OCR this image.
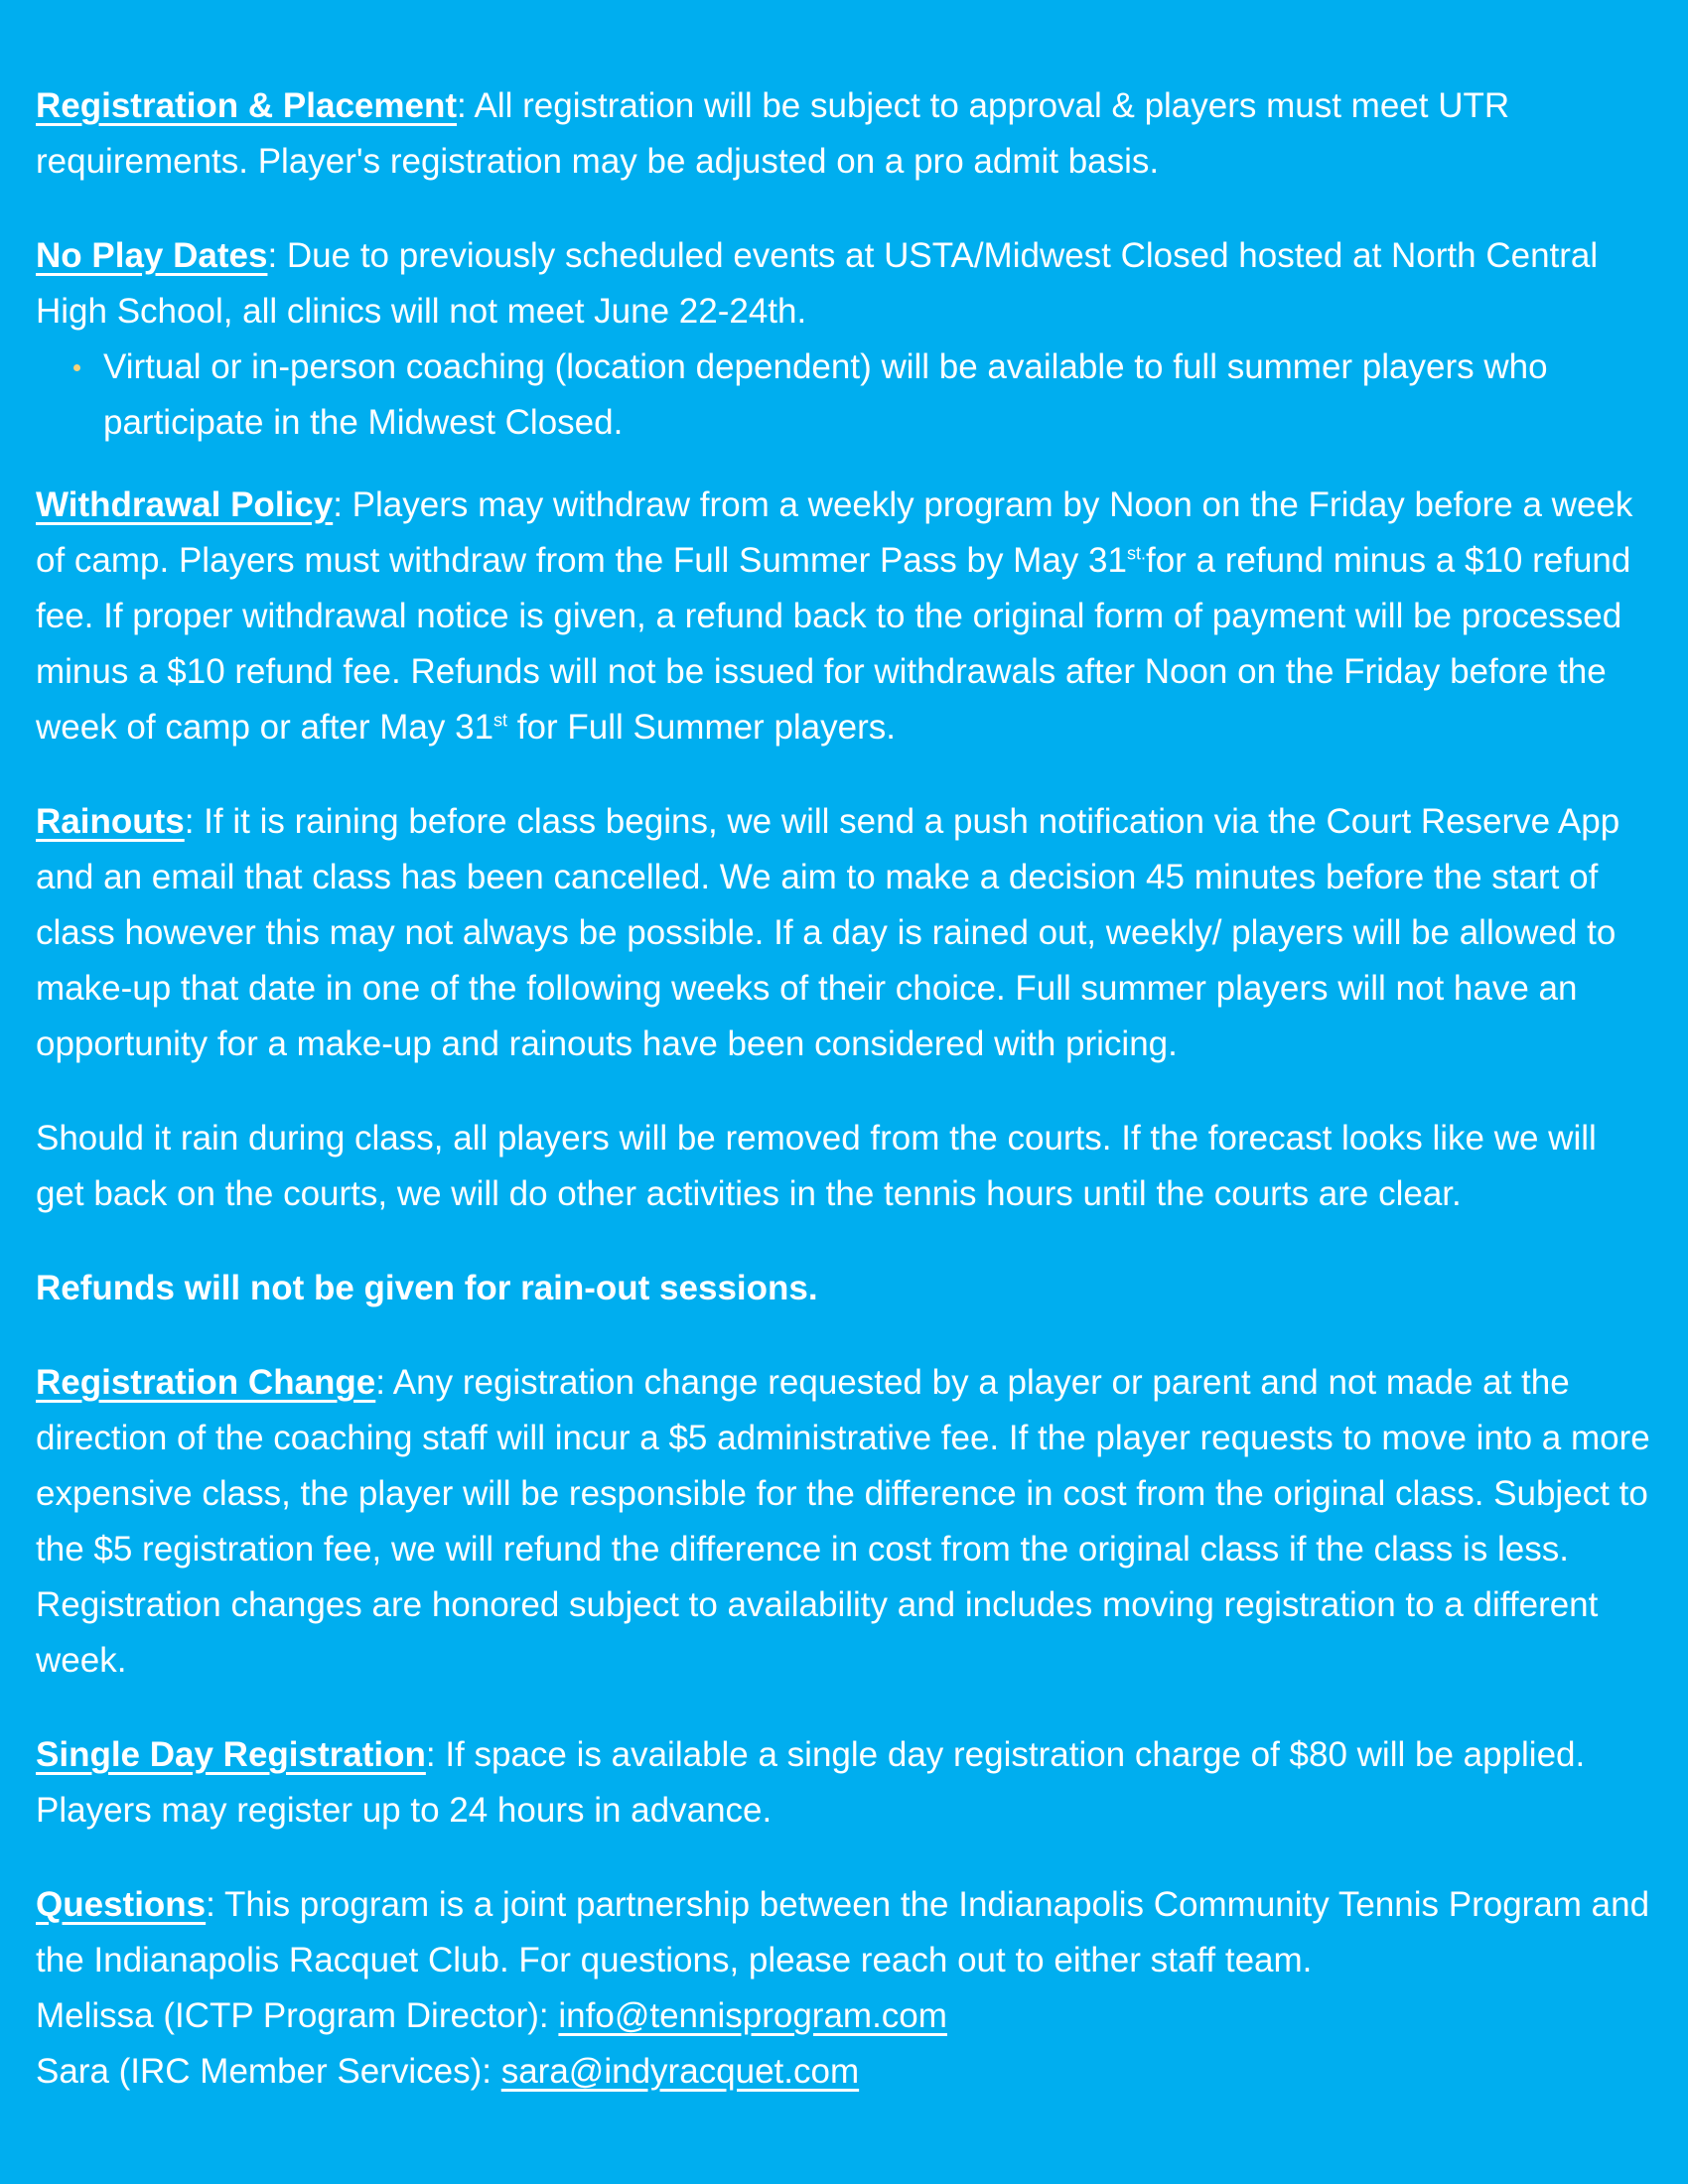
Registration & Placement: All registration will be subject to approval & players must meet UTR requirements. Player's registration may be adjusted on a pro admit basis.

No Play Dates: Due to previously scheduled events at USTA/Midwest Closed hosted at North Central High School, all clinics will not meet June 22-24th.

Virtual or in-person coaching (location dependent) will be available to full summer players who participate in the Midwest Closed.

Withdrawal Policy: Players may withdraw from a weekly program by Noon on the Friday before a week of camp. Players must withdraw from the Full Summer Pass by May $31^{st.}for$ a refund minus a $10 refund fee. If proper withdrawal notice is given, a refund back to the original form of payment will be processed minus a $10 refund fee. Refunds will not be issued for withdrawals after Noon on the Friday before the week of camp or after May 31st for Full Summer players.

Rainouts: If it is raining before class begins, we will send a push notification via the Court Reserve App and an email that class has been cancelled. We aim to make a decision 45 minutes before the start of class however this may not always be possible. If a day is rained out, weekly/ players will be allowed to make-up that date in one of the following weeks of their choice. Full summer players will not have an opportunity for a make-up and rainouts have been considered with pricing.

Should it rain during class, all players will be removed from the courts. If the forecast looks like we will get back on the courts, we will do other activities in the tennis hours until the courts are clear.

Refunds will not be given for rain-out sessions.

Registration Change: Any registration change requested by a player or parent and not made at the direction of the coaching staff will incur a $5 administrative fee. If the player requests to move into a more expensive class, the player will be responsible for the difference in cost from the original class. Subject to the $5 registration fee, we will refund the difference in cost from the original class if the class is less. Registration changes are honored subject to availability and includes moving registration to a different week.

Single Day Registration: If space is available a single day registration charge of $80 will be applied. Players may register up to 24 hours in advance.

Questions: This program is a joint partnership between the Indianapolis Community Tennis Program and the Indianapolis Racquet Club. For questions, please reach out to either staff team.
Melissa (ICTP Program Director): info@tennisprogram.com
Sara (IRC Member Services): sara@indyracquet.com
